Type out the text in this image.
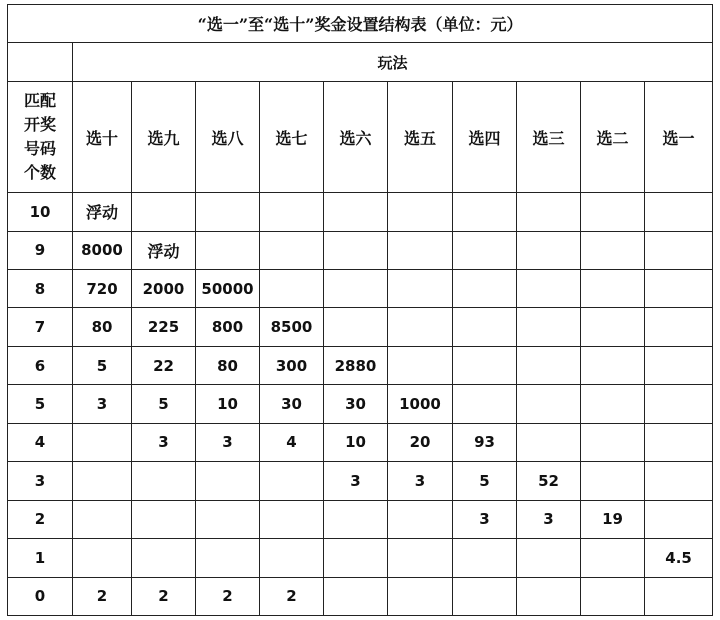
“选一”至“选十”奖金设置结构表（单位：元）										
	玩法									

匹配
开奖
号码
个数	选十	选九	选八	选七	选六	选五	选四	选三	选二	选一
10	浮动									
9	8000	浮动								
8	720	2000	50000							
7	80	225	800	8500						
6	5	22	80	300	2880					
5	3	5	10	30	30	1000				
4		3	3	4	10	20	93			
3					3	3	5	52		
2							3	3	19	
1										4.5
0	2	2	2	2						
